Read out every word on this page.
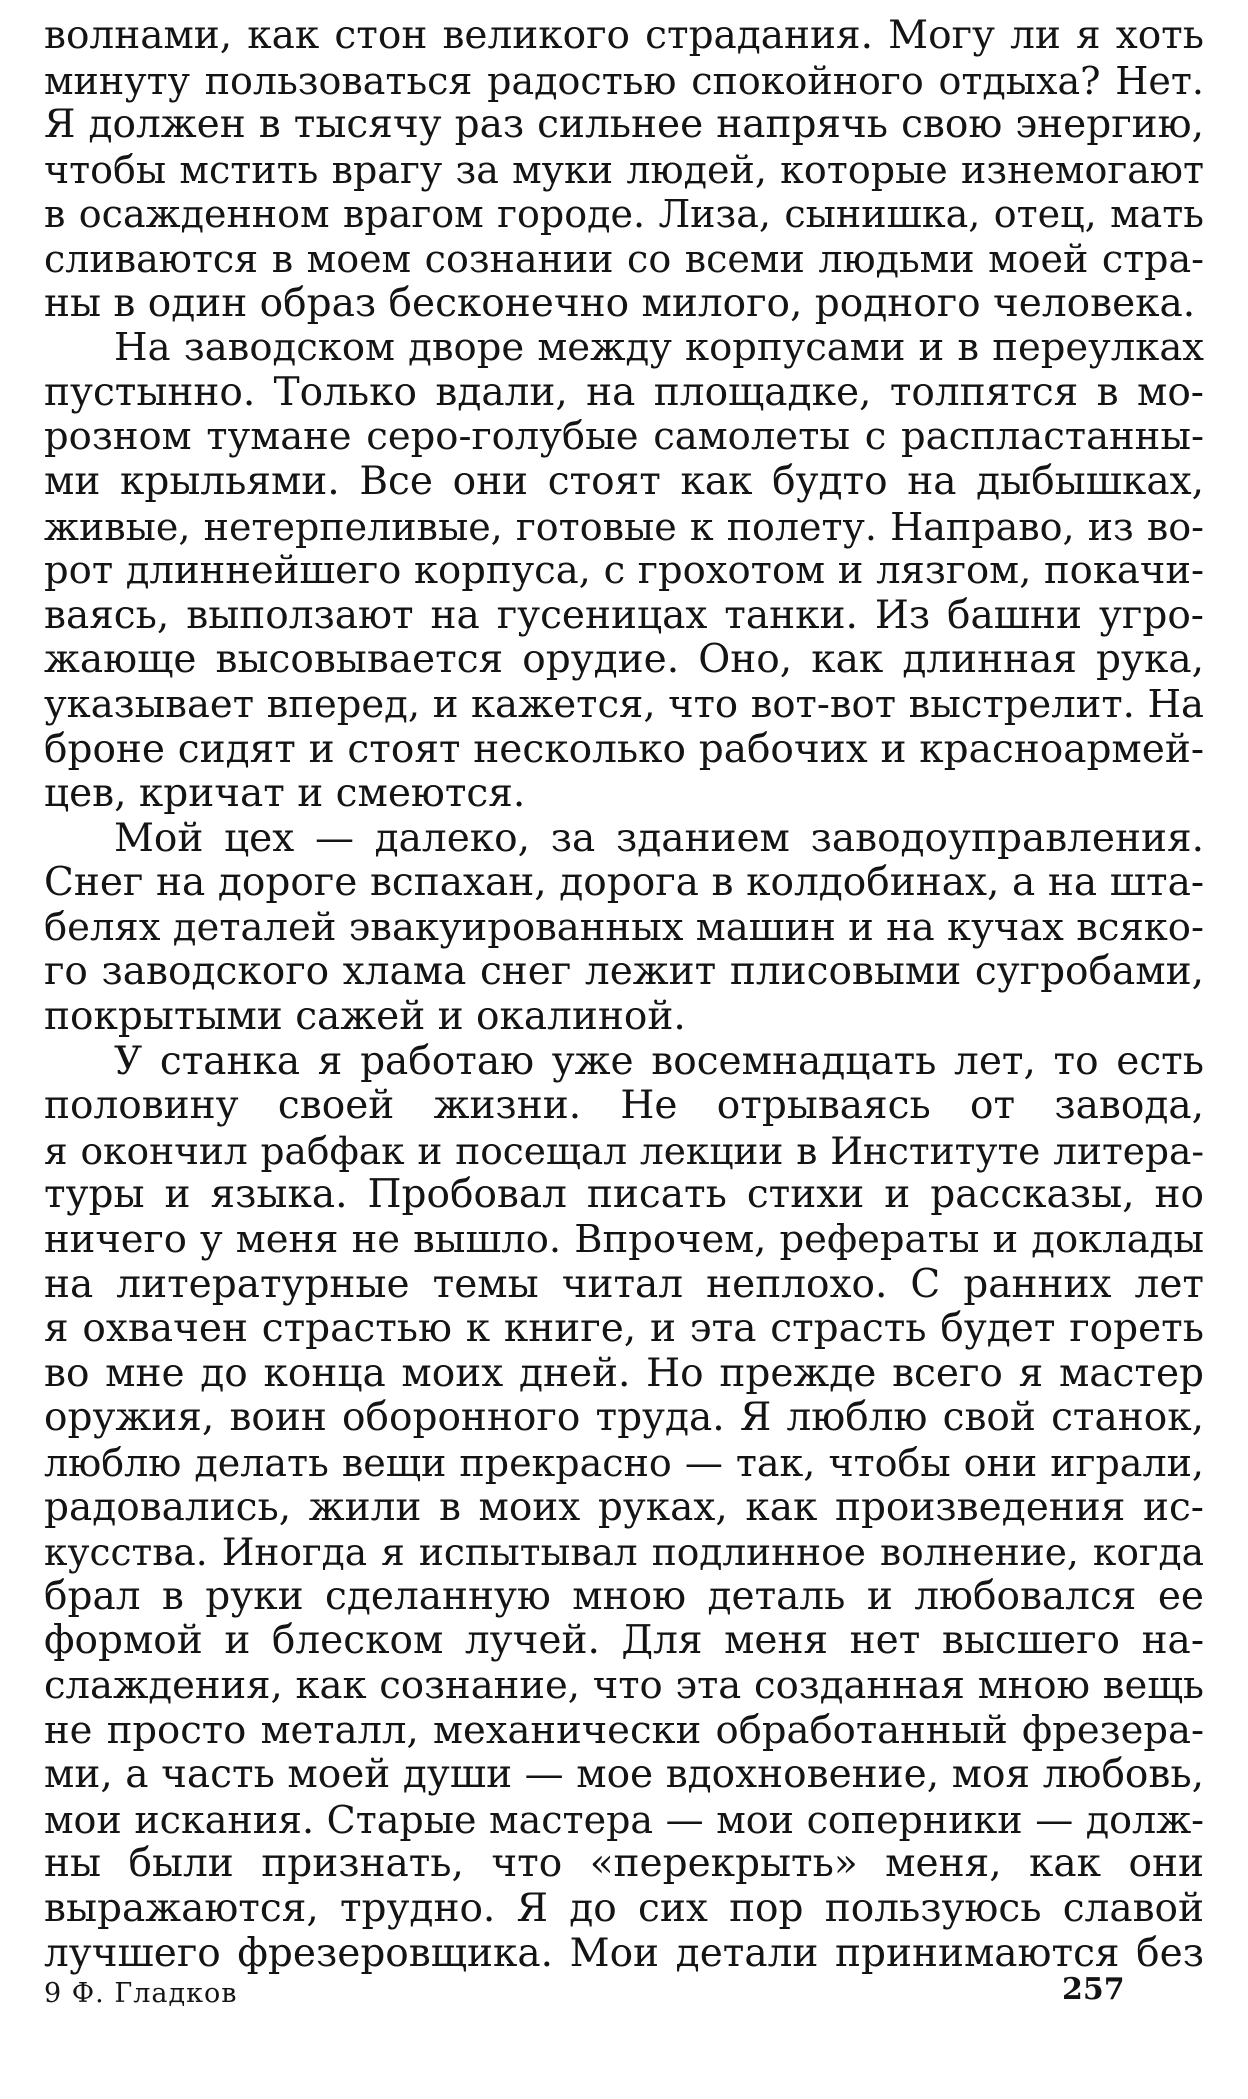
волнами, как стон великого страдания. Могу ли я хоть
минуту пользоваться радостью спокойного отдыха? Нет.
Я должен в тысячу раз сильнее напрячь свою энергию,
чтобы мстить врагу за муки людей, которые изнемогают
в осажденном врагом городе. Лиза, сынишка, отец, мать
сливаются в моем сознании со всеми людьми моей стра-
ны в один образ бесконечно милого, родного человека.
На заводском дворе между корпусами и в переулках
пустынно. Только вдали, на площадке, толпятся в мо-
розном тумане серо-голубые самолеты с распластанны-
ми крыльями. Все они стоят как будто на дыбышках,
живые, нетерпеливые, готовые к полету. Направо, из во-
рот длиннейшего корпуса, с грохотом и лязгом, покачи-
ваясь, выползают на гусеницах танки. Из башни угро-
жающе высовывается орудие. Оно, как длинная рука,
указывает вперед, и кажется, что вот-вот выстрелит. На
броне сидят и стоят несколько рабочих и красноармей-
цев, кричат и смеются.
Мой цех — далеко, за зданием заводоуправления.
Снег на дороге вспахан, дорога в колдобинах, а на шта-
белях деталей эвакуированных машин и на кучах всяко-
го заводского хлама снег лежит плисовыми сугробами,
покрытыми сажей и окалиной.
У станка я работаю уже восемнадцать лет, то есть
половину своей жизни. Не отрываясь от завода,
я окончил рабфак и посещал лекции в Институте литера-
туры и языка. Пробовал писать стихи и рассказы, но
ничего у меня не вышло. Впрочем, рефераты и доклады
на литературные темы читал неплохо. С ранних лет
я охвачен страстью к книге, и эта страсть будет гореть
во мне до конца моих дней. Но прежде всего я мастер
оружия, воин оборонного труда. Я люблю свой станок,
люблю делать вещи прекрасно — так, чтобы они играли,
радовались, жили в моих руках, как произведения ис-
кусства. Иногда я испытывал подлинное волнение, когда
брал в руки сделанную мною деталь и любовался ее
формой и блеском лучей. Для меня нет высшего на-
слаждения, как сознание, что эта созданная мною вещь
не просто металл, механически обработанный фрезера-
ми, а часть моей души — мое вдохновение, моя любовь,
мои искания. Старые мастера — мои соперники — долж-
ны были признать, что «перекрыть» меня, как они
выражаются, трудно. Я до сих пор пользуюсь славой
лучшего фрезеровщика. Мои детали принимаются без
9 Ф. Гладков	257
